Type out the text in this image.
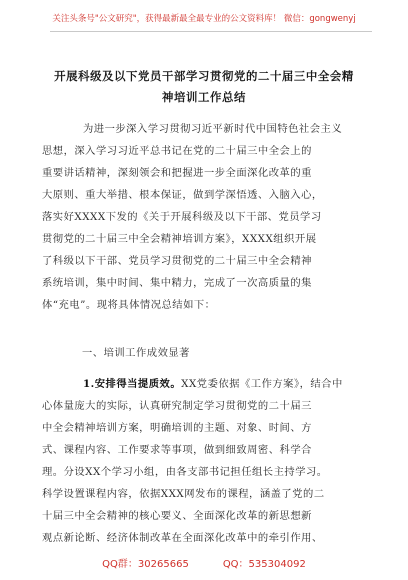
关注头条号"公文研究"，获得最新最全最专业的公文资料库！ 微信：gongwenyj
开展科级及以下党员干部学习贯彻党的二十届三中全会精
神培训工作总结
为进一步深入学习贯彻习近平新时代中国特色社会主义
思想，深入学习习近平总书记在党的二十届三中全会上的
重要讲话精神，深刻领会和把握进一步全面深化改革的重
大原则、重大举措、根本保证，做到学深悟透、入脑入心，
落实好XXXX下发的《关于开展科级及以下干部、党员学习
贯彻党的二十届三中全会精神培训方案》，XXXX组织开展
了科级以下干部、党员学习贯彻党的二十届三中全会精神
系统培训，集中时间、集中精力，完成了一次高质量的集
体“充电”。现将具体情况总结如下：
一、培训工作成效显著
1.安排得当提质效。XX党委依据《工作方案》，结合中
心体量庞大的实际，认真研究制定学习贯彻党的二十届三
中全会精神培训方案，明确培训的主题、对象、时间、方
式、课程内容、工作要求等事项，做到细致周密、科学合
理。分设XX个学习小组，由各支部书记担任组长主持学习。
科学设置课程内容，依据XXX网发布的课程，涵盖了党的二
十届三中全会精神的核心要义、全面深化改革的新思想新
观点新论断、经济体制改革在全面深化改革中的牵引作用、
QQ群：30265665	QQ：535304092
